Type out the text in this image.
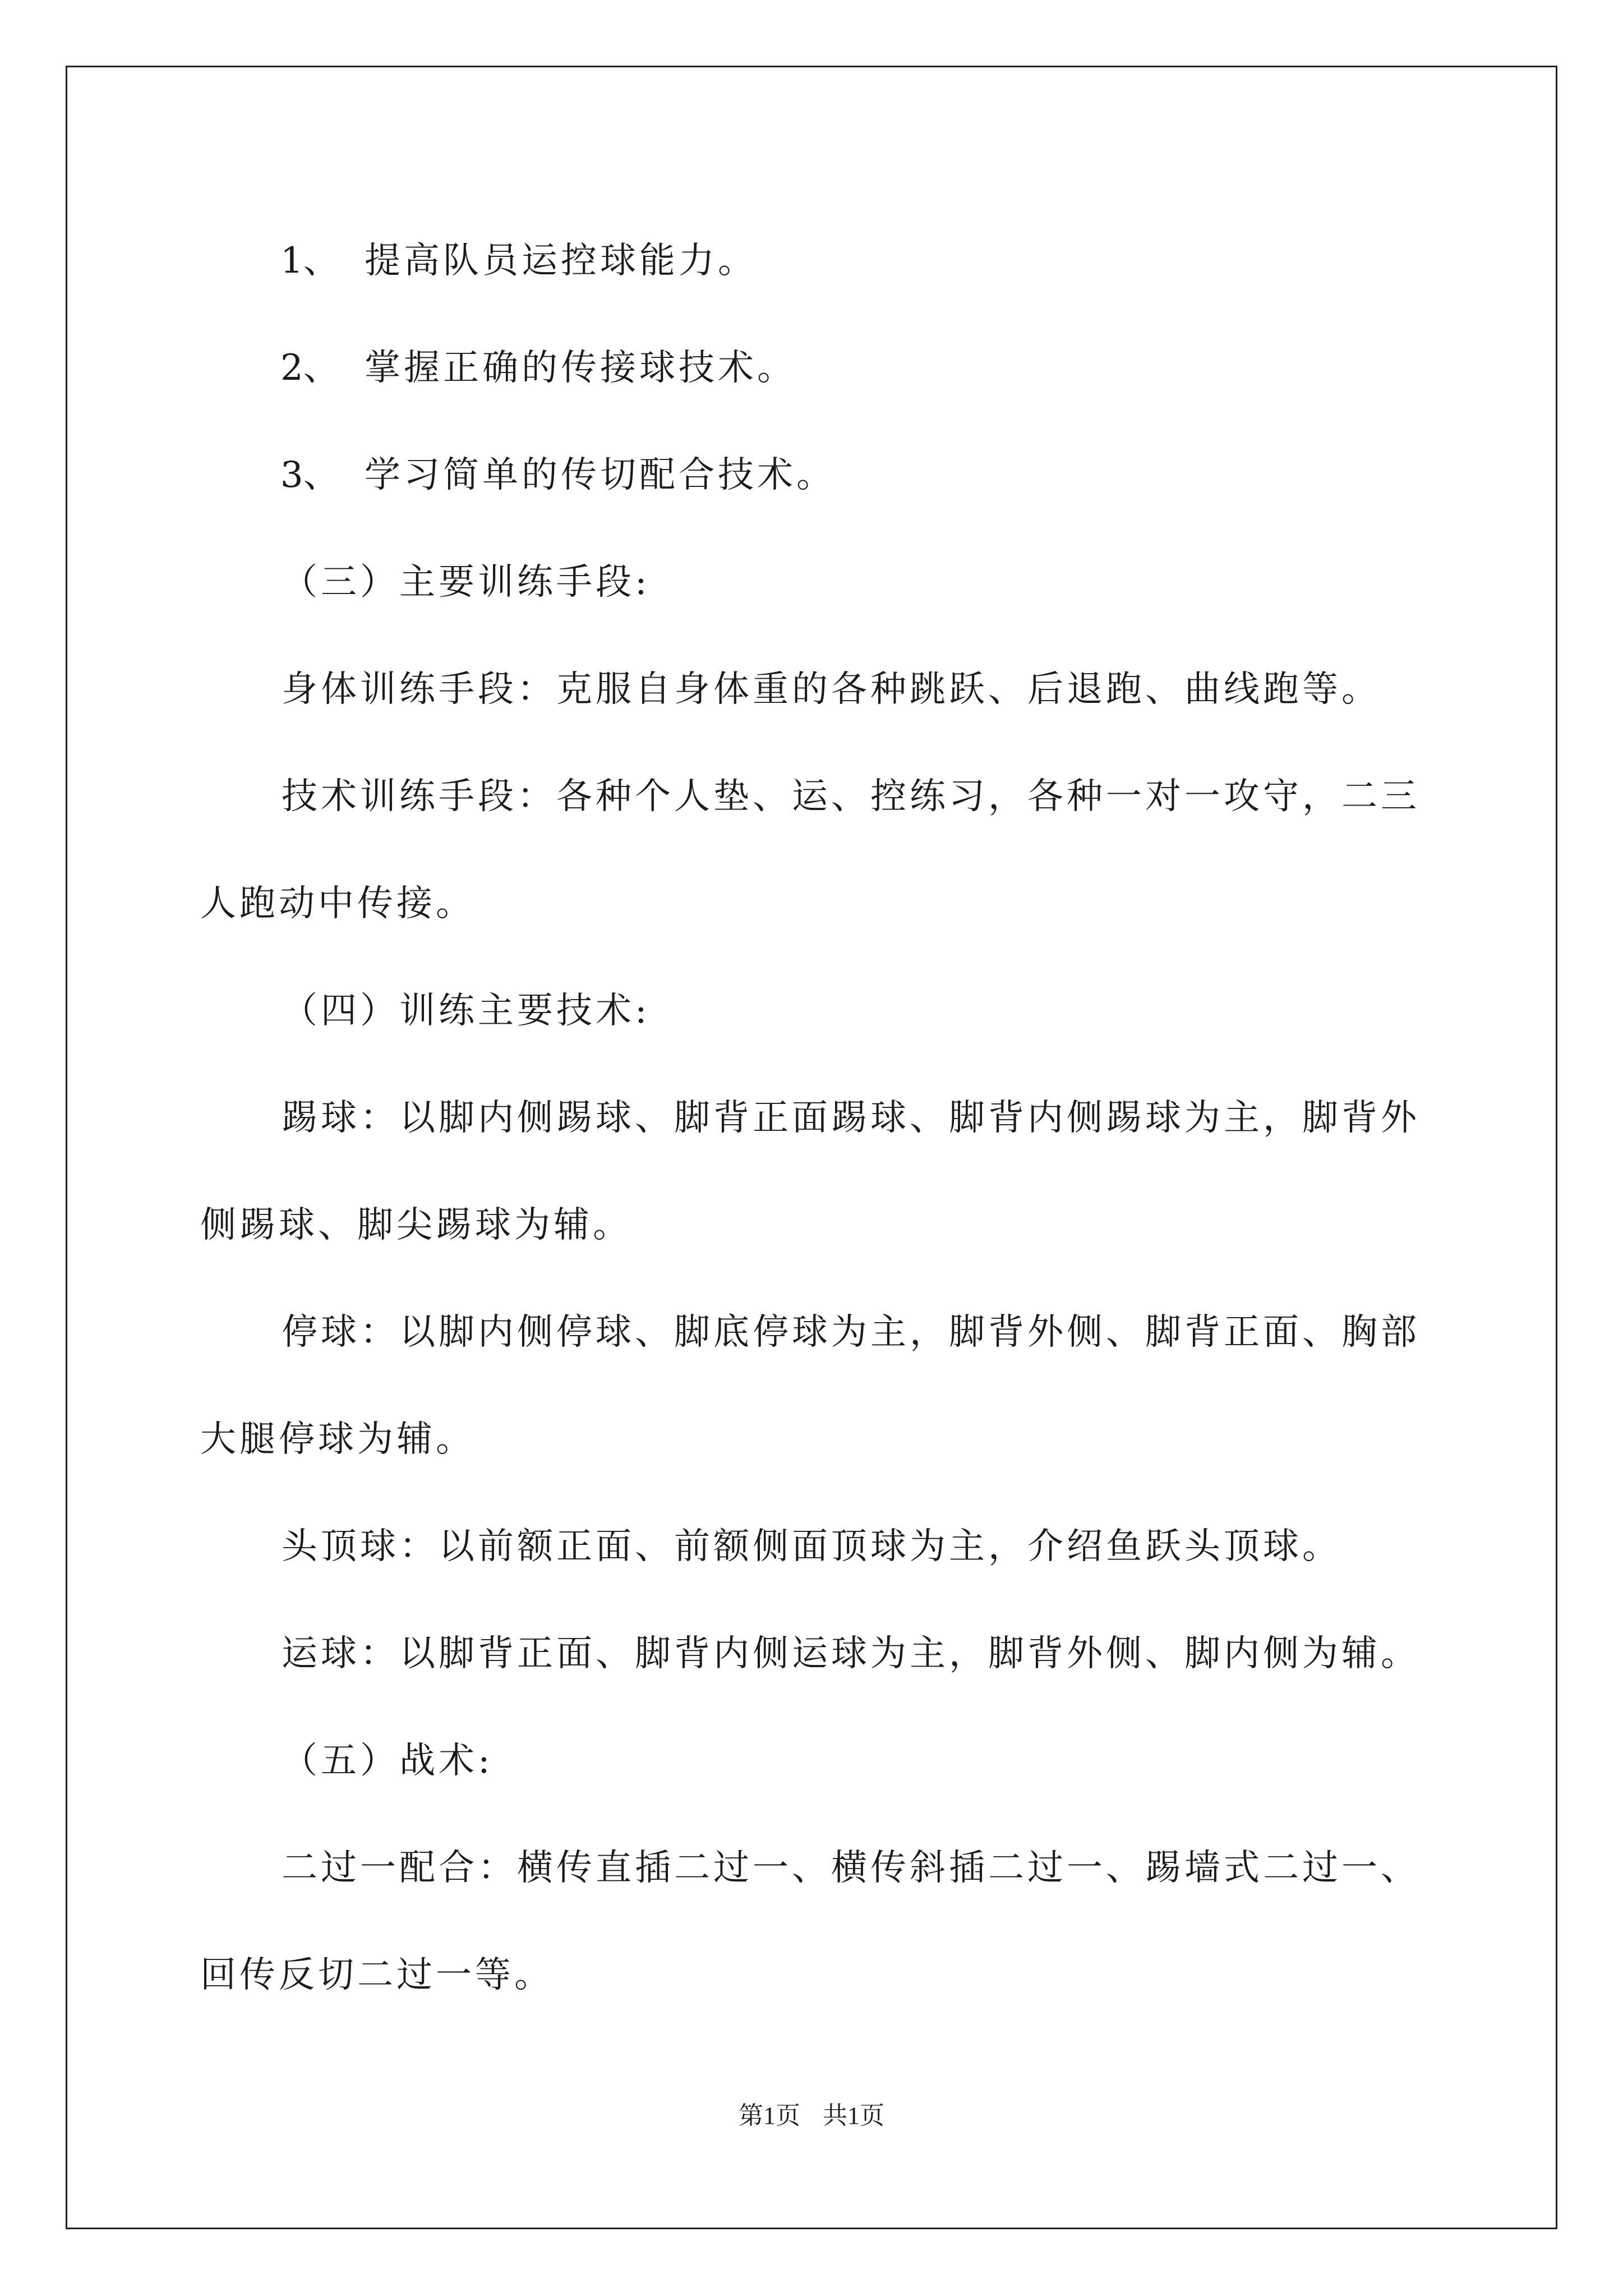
1、 提高队员运控球能力。

2、 掌握正确的传接球技术。

3、 学习简单的传切配合技术。

（三）主要训练手段:

身体训练手段：克服自身体重的各种跳跃、后退跑、曲线跑等。

技术训练手段：各种个人垫、运、控练习，各种一对一攻守，二三人跑动中传接。

（四）训练主要技术:

踢球：以脚内侧踢球、脚背正面踢球、脚背内侧踢球为主，脚背外侧踢球、脚尖踢球为辅。

停球：以脚内侧停球、脚底停球为主，脚背外侧、脚背正面、胸部大腿停球为辅。

头顶球：以前额正面、前额侧面顶球为主，介绍鱼跃头顶球。

运球：以脚背正面、脚背内侧运球为主，脚背外侧、脚内侧为辅。

（五）战术:

二过一配合：横传直插二过一、横传斜插二过一、踢墙式二过一、回传反切二过一等。

第1页 共1页
